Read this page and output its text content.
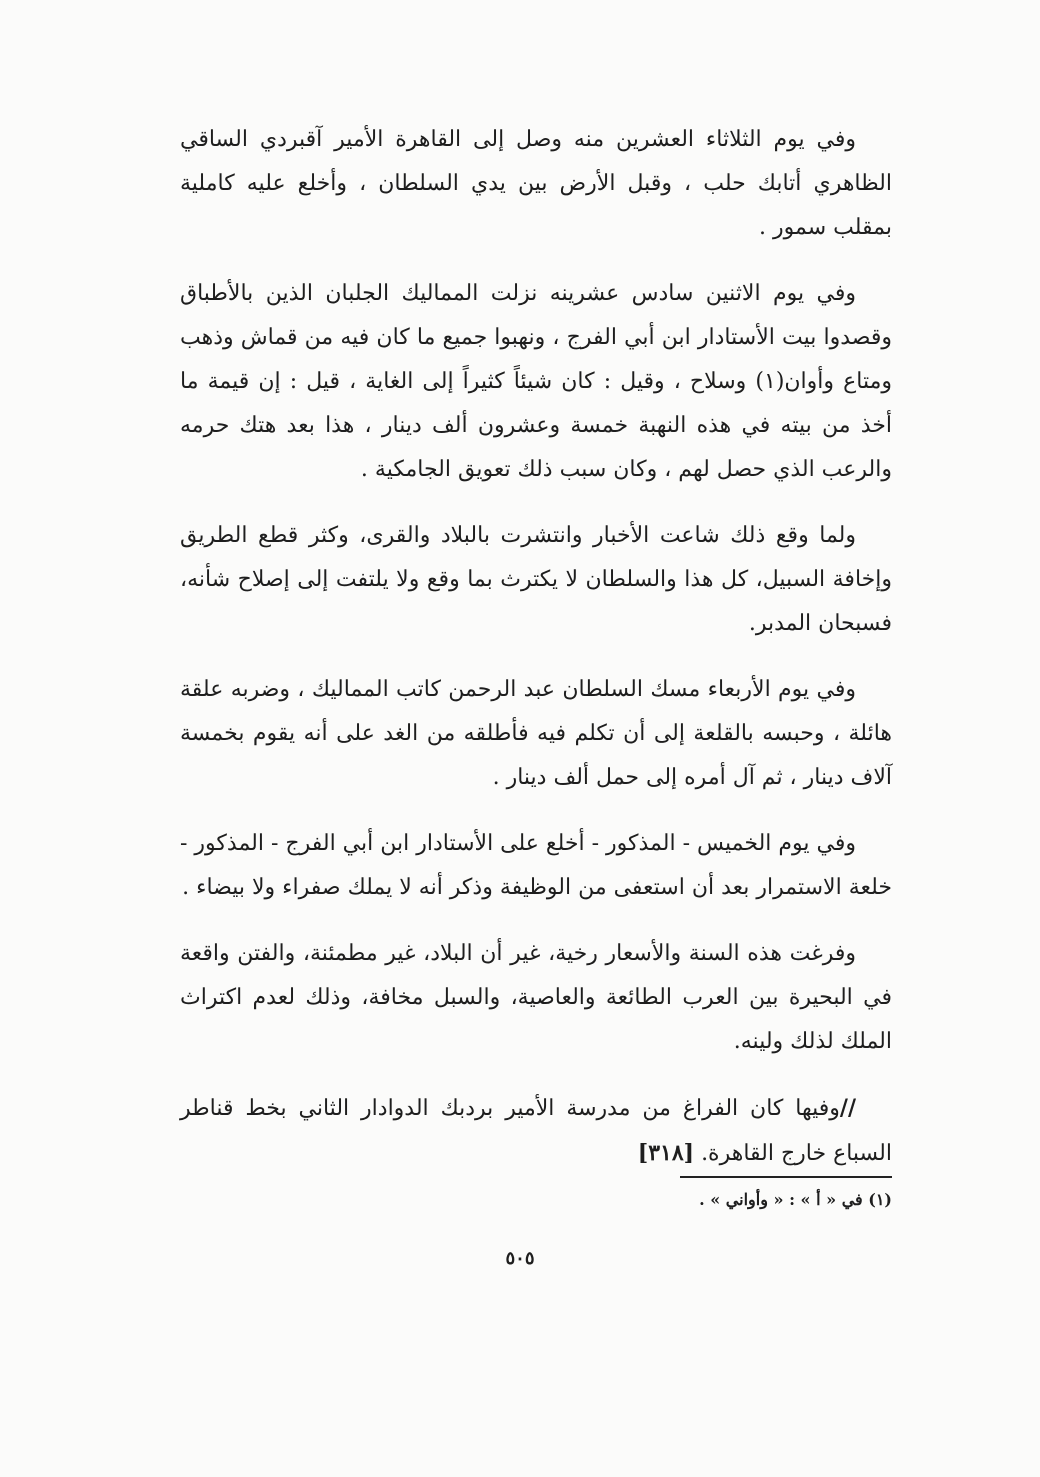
وفي يوم الثلاثاء العشرين منه وصل إلى القاهرة الأمير آقبردي الساقي الظاهري أتابك حلب ، وقبل الأرض بين يدي السلطان ، وأخلع عليه كاملية بمقلب سمور .

وفي يوم الاثنين سادس عشرينه نزلت المماليك الجلبان الذين بالأطباق وقصدوا بيت الأستادار ابن أبي الفرج ، ونهبوا جميع ما كان فيه من قماش وذهب ومتاع وأوان(١) وسلاح ، وقيل : كان شيئاً كثيراً إلى الغاية ، قيل : إن قيمة ما أخذ من بيته في هذه النهبة خمسة وعشرون ألف دينار ، هذا بعد هتك حرمه والرعب الذي حصل لهم ، وكان سبب ذلك تعويق الجامكية .

ولما وقع ذلك شاعت الأخبار وانتشرت بالبلاد والقرى، وكثر قطع الطريق وإخافة السبيل، كل هذا والسلطان لا يكترث بما وقع ولا يلتفت إلى إصلاح شأنه، فسبحان المدبر.

وفي يوم الأربعاء مسك السلطان عبد الرحمن كاتب المماليك ، وضربه علقة هائلة ، وحبسه بالقلعة إلى أن تكلم فيه فأطلقه من الغد على أنه يقوم بخمسة آلاف دينار ، ثم آل أمره إلى حمل ألف دينار .

وفي يوم الخميس - المذكور - أخلع على الأستادار ابن أبي الفرج - المذكور - خلعة الاستمرار بعد أن استعفى من الوظيفة وذكر أنه لا يملك صفراء ولا بيضاء .

وفرغت هذه السنة والأسعار رخية، غير أن البلاد، غير مطمئنة، والفتن واقعة في البحيرة بين العرب الطائعة والعاصية، والسبل مخافة، وذلك لعدم اكتراث الملك لذلك ولينه.

//وفيها كان الفراغ من مدرسة الأمير بردبك الدوادار الثاني بخط قناطر السباع خارج القاهرة. [٣١٨]

(١) في « أ » : « وأواني » .
٥٠٥
